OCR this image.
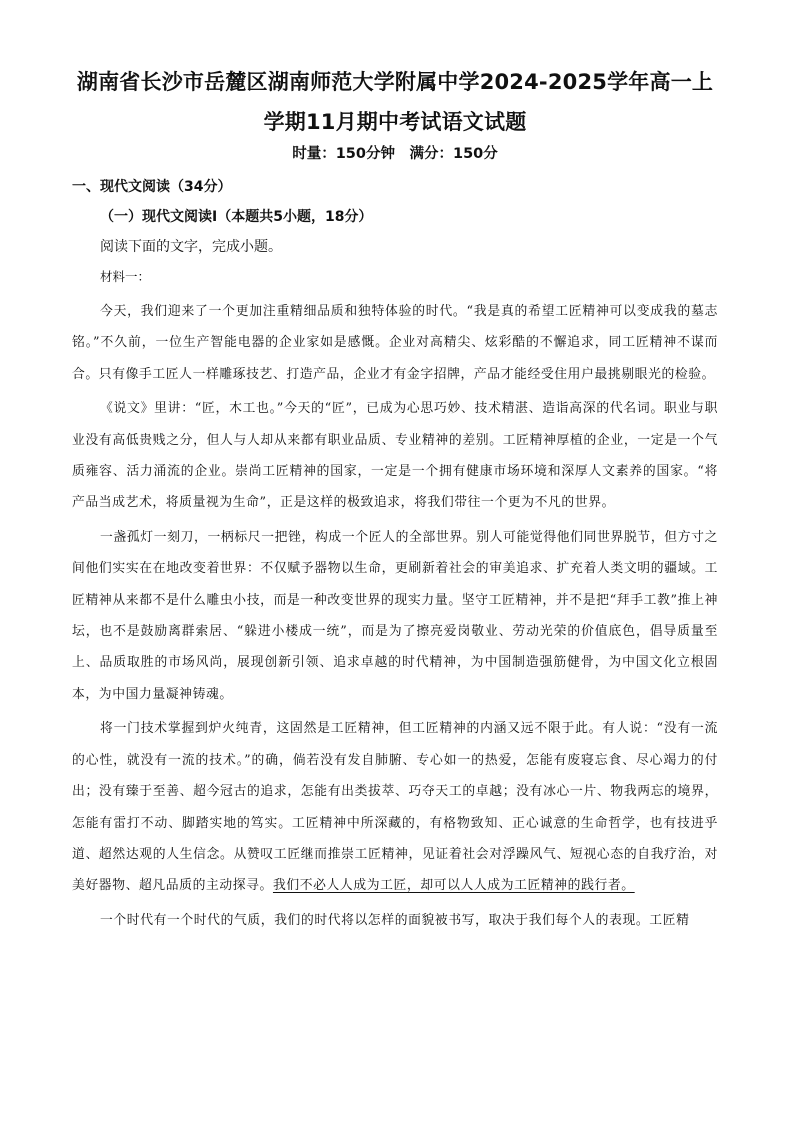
湖南省长沙市岳麓区湖南师范大学附属中学2024-2025学年高一上学期11月期中考试语文试题

时量：150分钟　满分：150分

一、现代文阅读（34分）

（一）现代文阅读Ⅰ（本题共5小题，18分）

阅读下面的文字，完成小题。

材料一：

今天，我们迎来了一个更加注重精细品质和独特体验的时代。“我是真的希望工匠精神可以变成我的墓志铭。”不久前，一位生产智能电器的企业家如是感慨。企业对高精尖、炫彩酷的不懈追求，同工匠精神不谋而合。只有像手工匠人一样雕琢技艺、打造产品，企业才有金字招牌，产品才能经受住用户最挑剔眼光的检验。

《说文》里讲：“匠，木工也。”今天的“匠”，已成为心思巧妙、技术精湛、造诣高深的代名词。职业与职业没有高低贵贱之分，但人与人却从来都有职业品质、专业精神的差别。工匠精神厚植的企业，一定是一个气质雍容、活力涌流的企业。崇尚工匠精神的国家，一定是一个拥有健康市场环境和深厚人文素养的国家。“将产品当成艺术，将质量视为生命”，正是这样的极致追求，将我们带往一个更为不凡的世界。

一盏孤灯一刻刀，一柄标尺一把锉，构成一个匠人的全部世界。别人可能觉得他们同世界脱节，但方寸之间他们实实在在地改变着世界：不仅赋予器物以生命，更刷新着社会的审美追求、扩充着人类文明的疆域。工匠精神从来都不是什么雕虫小技，而是一种改变世界的现实力量。坚守工匠精神，并不是把“拜手工教”推上神坛，也不是鼓励离群索居、“躲进小楼成一统”，而是为了擦亮爱岗敬业、劳动光荣的价值底色，倡导质量至上、品质取胜的市场风尚，展现创新引领、追求卓越的时代精神，为中国制造强筋健骨，为中国文化立根固本，为中国力量凝神铸魂。

将一门技术掌握到炉火纯青，这固然是工匠精神，但工匠精神的内涵又远不限于此。有人说：“没有一流的心性，就没有一流的技术。”的确，倘若没有发自肺腑、专心如一的热爱，怎能有废寝忘食、尽心竭力的付出；没有臻于至善、超今冠古的追求，怎能有出类拔萃、巧夺天工的卓越；没有冰心一片、物我两忘的境界，怎能有雷打不动、脚踏实地的笃实。工匠精神中所深藏的，有格物致知、正心诚意的生命哲学，也有技进乎道、超然达观的人生信念。从赞叹工匠继而推崇工匠精神，见证着社会对浮躁风气、短视心态的自我疗治，对美好器物、超凡品质的主动探寻。我们不必人人成为工匠，却可以人人成为工匠精神的践行者。

一个时代有一个时代的气质，我们的时代将以怎样的面貌被书写，取决于我们每个人的表现。工匠精
